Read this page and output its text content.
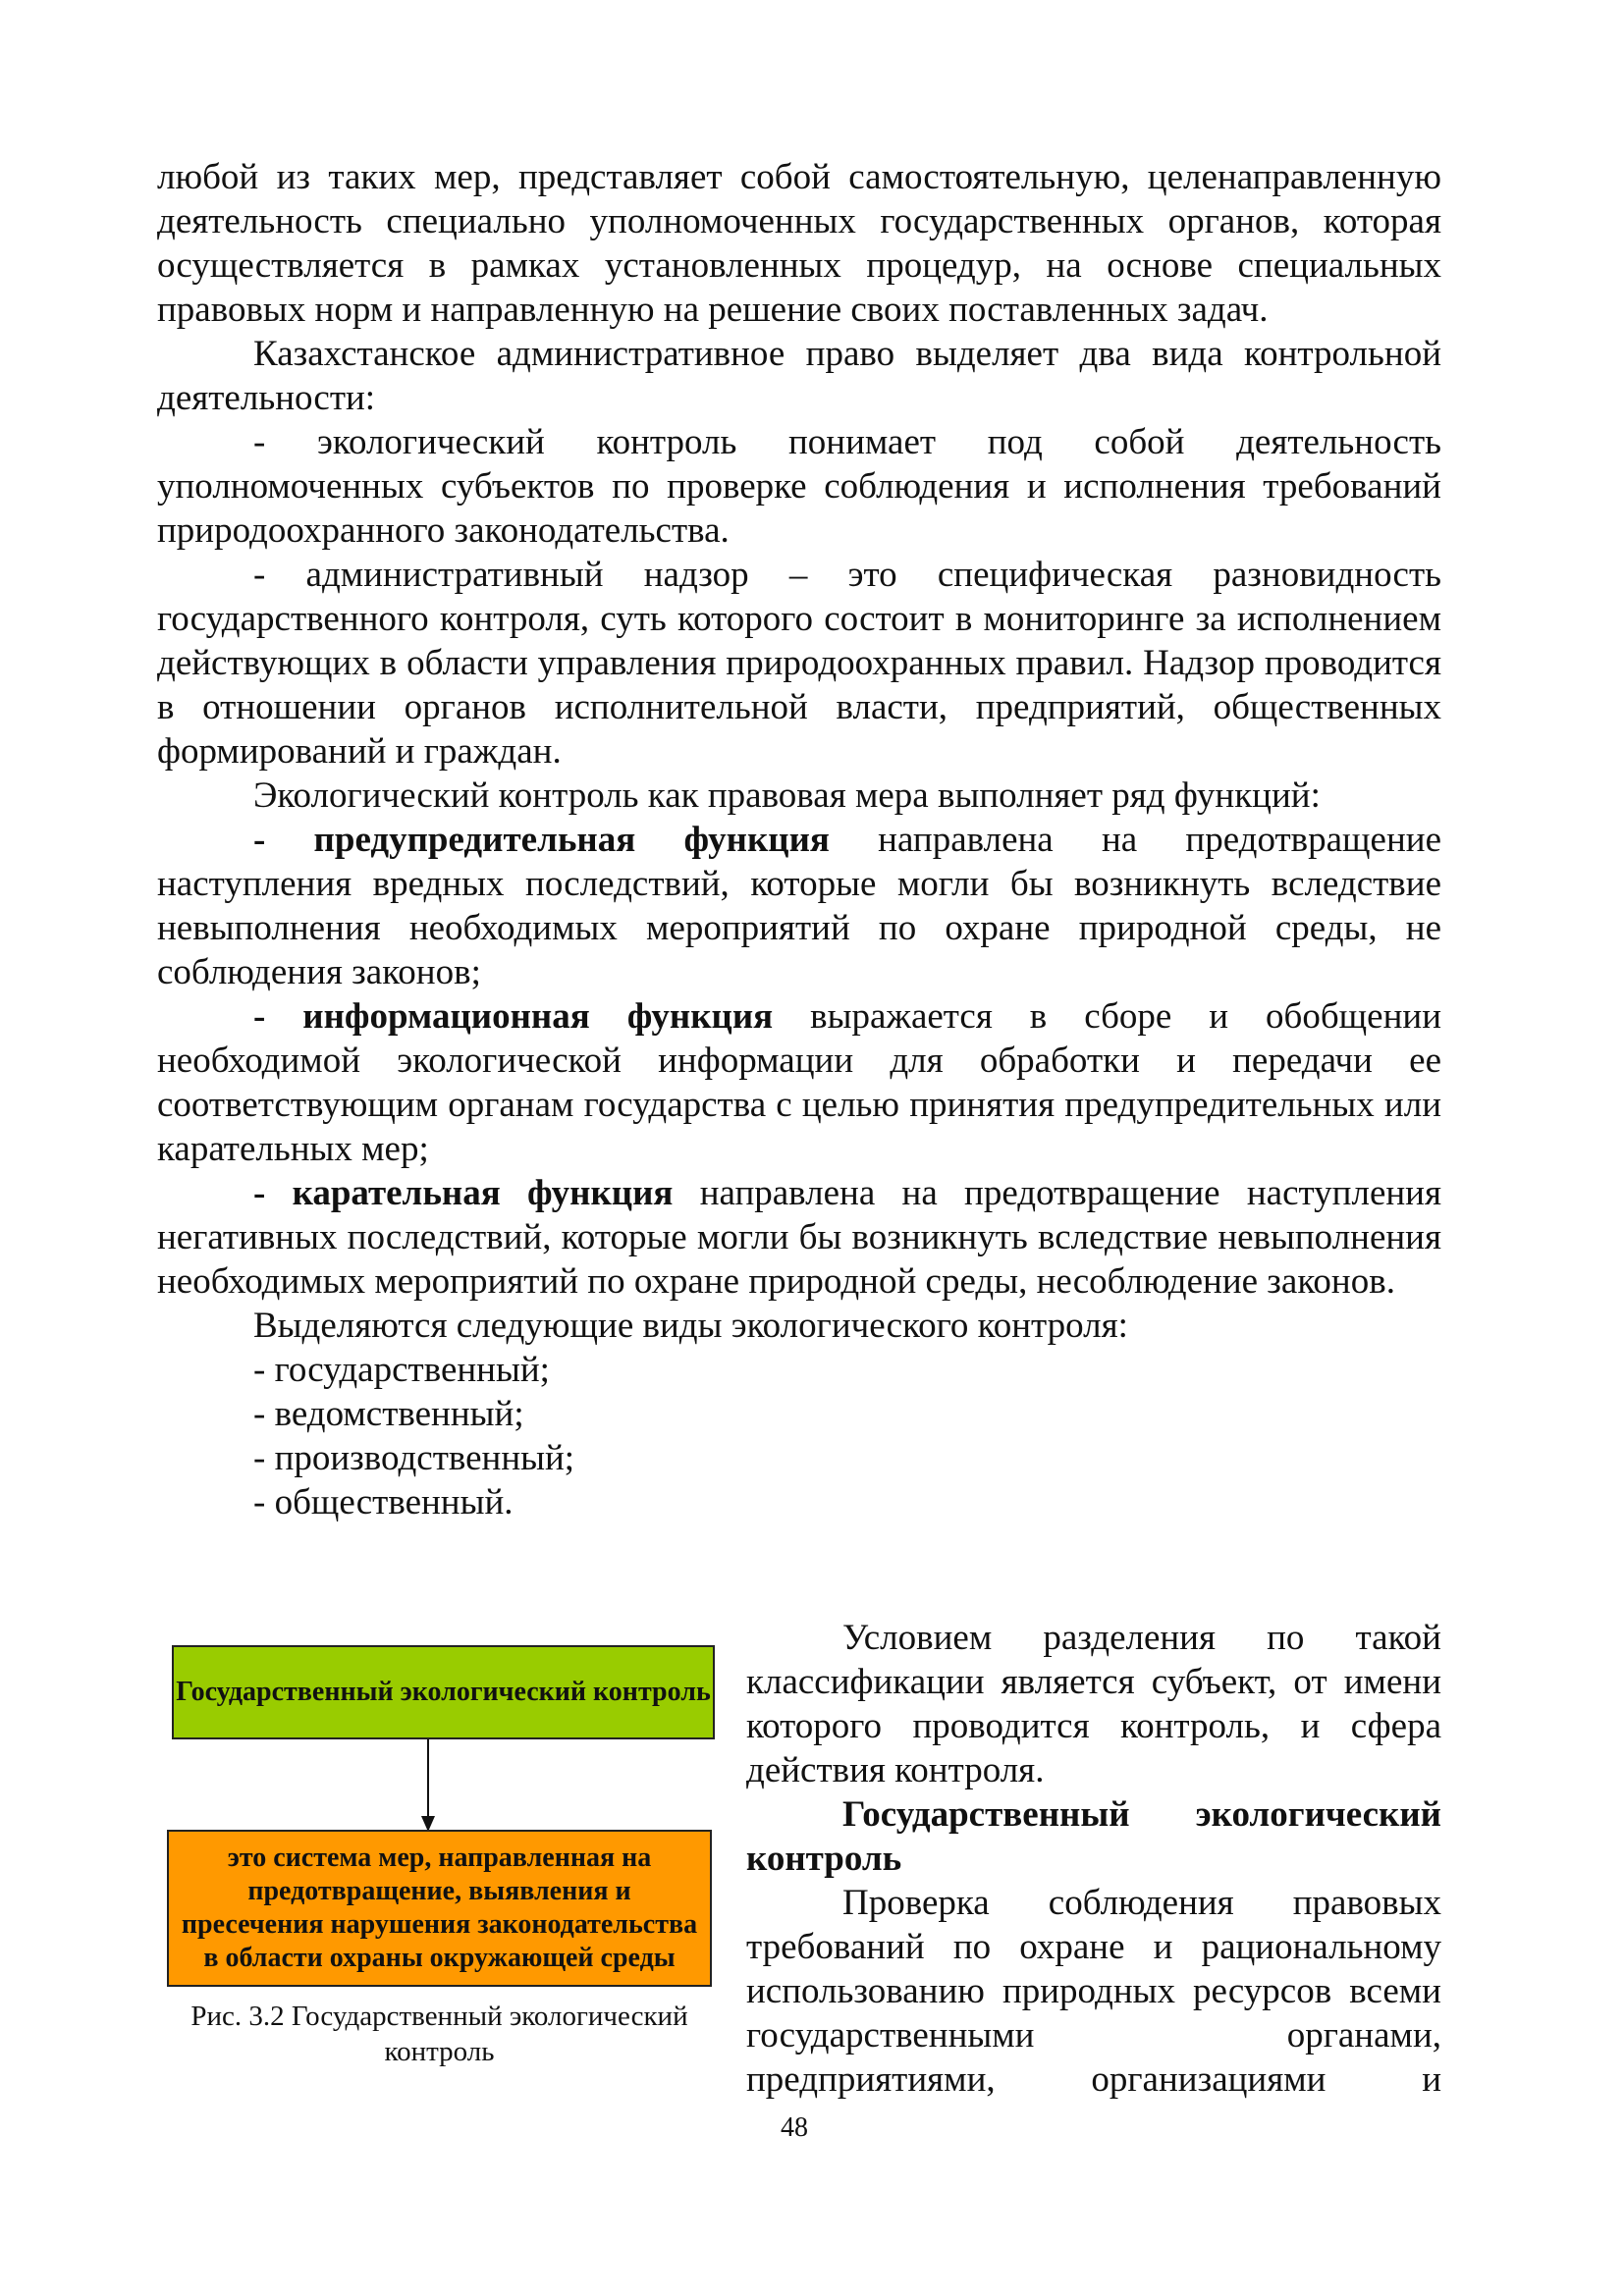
любой из таких мер, представляет собой самостоятельную, целенаправленную деятельность специально уполномоченных государственных органов, которая осуществляется в рамках установленных процедур, на основе специальных правовых норм и направленную на решение своих поставленных задач.

Казахстанское административное право выделяет два вида контрольной деятельности:

- экологический контроль понимает под собой деятельность уполномоченных субъектов по проверке соблюдения и исполнения требований природоохранного законодательства.

- административный надзор – это специфическая разновидность государственного контроля, суть которого состоит в мониторинге за исполнением действующих в области управления природоохранных правил. Надзор проводится в отношении органов исполнительной власти, предприятий, общественных формирований и граждан.

Экологический контроль как правовая мера выполняет ряд функций:

- предупредительная функция направлена на предотвращение наступления вредных последствий, которые могли бы возникнуть вследствие невыполнения необходимых мероприятий по охране природной среды, не соблюдения законов;

- информационная функция выражается в сборе и обобщении необходимой экологической информации для обработки и передачи ее соответствующим органам государства с целью принятия предупредительных или карательных мер;

- карательная функция направлена на предотвращение наступления негативных последствий, которые могли бы возникнуть вследствие невыполнения необходимых мероприятий по охране природной среды, несоблюдение законов.

Выделяются следующие виды экологического контроля:

- государственный;

- ведомственный;

- производственный;

- общественный.

Государственный экологический контроль
это система мер, направленная на предотвращение, выявления и пресечения нарушения законодательства в области охраны окружающей среды
Рис. 3.2 Государственный экологический контроль

Условием разделения по такой классификации является субъект, от имени которого проводится контроль, и сфера действия контроля.

Государственный экологический контроль

Проверка соблюдения правовых требований по охране и рациональному использованию природных ресурсов всеми государственными органами, предприятиями, организациями и

48
